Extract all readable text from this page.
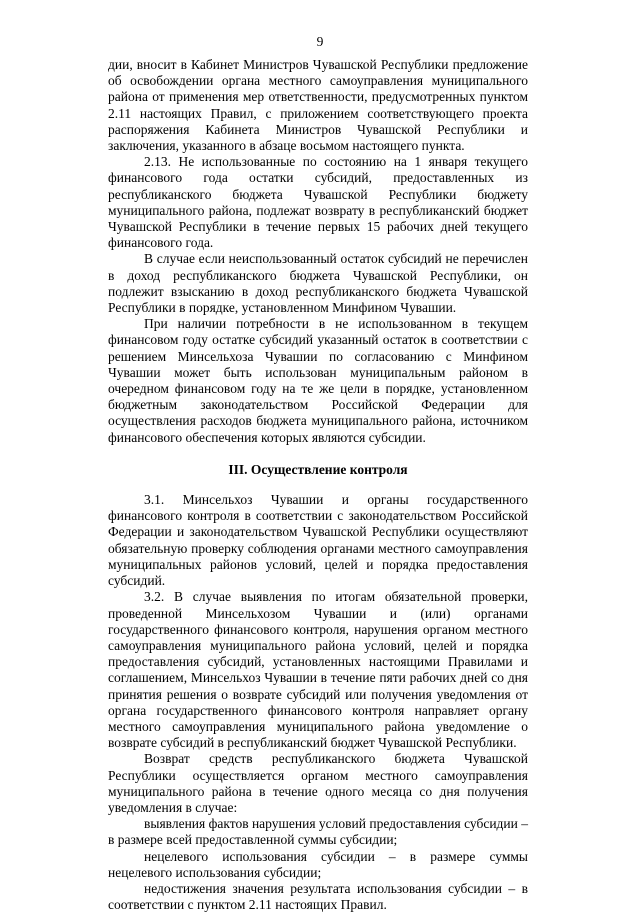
9

дии, вносит в Кабинет Министров Чувашской Республики предложение об освобождении органа местного самоуправления муниципального района от применения мер ответственности, предусмотренных пунктом 2.11 настоящих Правил, с приложением соответствующего проекта распоряжения Кабинета Министров Чувашской Республики и заключения, указанного в абзаце восьмом настоящего пункта.

2.13. Не использованные по состоянию на 1 января текущего финансового года остатки субсидий, предоставленных из республиканского бюджета Чувашской Республики бюджету муниципального района, подлежат возврату в республиканский бюджет Чувашской Республики в течение первых 15 рабочих дней текущего финансового года.

В случае если неиспользованный остаток субсидий не перечислен в доход республиканского бюджета Чувашской Республики, он подлежит взысканию в доход республиканского бюджета Чувашской Республики в порядке, установленном Минфином Чувашии.

При наличии потребности в не использованном в текущем финансовом году остатке субсидий указанный остаток в соответствии с решением Минсельхоза Чувашии по согласованию с Минфином Чувашии может быть использован муниципальным районом в очередном финансовом году на те же цели в порядке, установленном бюджетным законодательством Российской Федерации для осуществления расходов бюджета муниципального района, источником финансового обеспечения которых являются субсидии.

III. Осуществление контроля

3.1. Минсельхоз Чувашии и органы государственного финансового контроля в соответствии с законодательством Российской Федерации и законодательством Чувашской Республики осуществляют обязательную проверку соблюдения органами местного самоуправления муниципальных районов условий, целей и порядка предоставления субсидий.

3.2. В случае выявления по итогам обязательной проверки, проведенной Минсельхозом Чувашии и (или) органами государственного финансового контроля, нарушения органом местного самоуправления муниципального района условий, целей и порядка предоставления субсидий, установленных настоящими Правилами и соглашением, Минсельхоз Чувашии в течение пяти рабочих дней со дня принятия решения о возврате субсидий или получения уведомления от органа государственного финансового контроля направляет органу местного самоуправления муниципального района уведомление о возврате субсидий в республиканский бюджет Чувашской Республики.

Возврат средств республиканского бюджета Чувашской Республики осуществляется органом местного самоуправления муниципального района в течение одного месяца со дня получения уведомления в случае:

выявления фактов нарушения условий предоставления субсидии – в размере всей предоставленной суммы субсидии;

нецелевого использования субсидии – в размере суммы нецелевого использования субсидии;

недостижения значения результата использования субсидии – в соответствии с пунктом 2.11 настоящих Правил.
